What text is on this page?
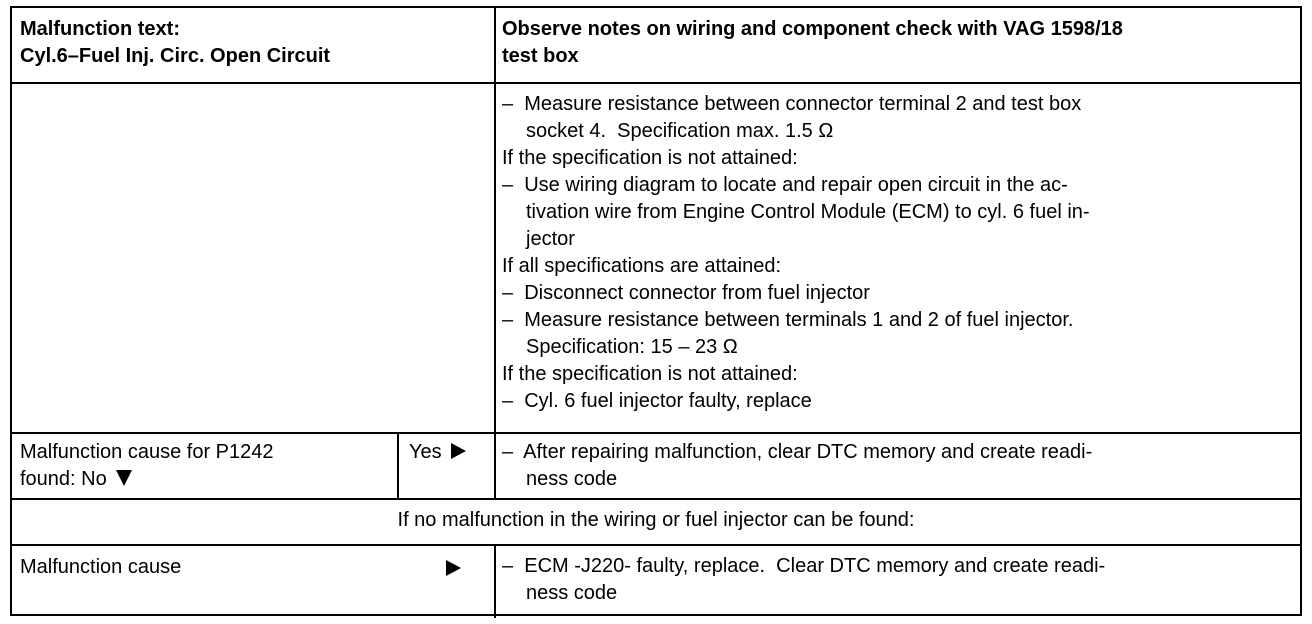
Malfunction text:
Cyl.6–Fuel Inj. Circ. Open Circuit
Observe notes on wiring and component check with VAG 1598/18
test box
–  Measure resistance between connector terminal 2 and test box
socket 4.  Specification max. 1.5 Ω
If the specification is not attained:
–  Use wiring diagram to locate and repair open circuit in the ac-
tivation wire from Engine Control Module (ECM) to cyl. 6 fuel in-
jector
If all specifications are attained:
–  Disconnect connector from fuel injector
–  Measure resistance between terminals 1 and 2 of fuel injector.
Specification: 15 – 23 Ω
If the specification is not attained:
–  Cyl. 6 fuel injector faulty, replace
Malfunction cause for P1242
found: No
Yes	–  After repairing malfunction, clear DTC memory and create readi-
ness code
If no malfunction in the wiring or fuel injector can be found:
Malfunction cause	–  ECM -J220- faulty, replace.  Clear DTC memory and create readi-
ness code
